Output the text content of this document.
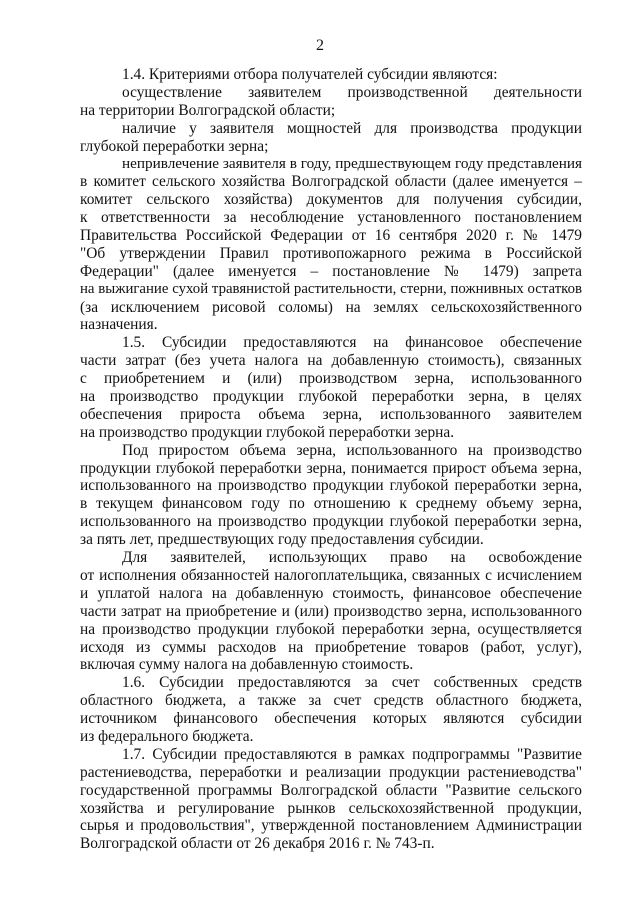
2
1.4. Критериями отбора получателей субсидии являются:
осуществление заявителем производственной деятельности
на территории Волгоградской области;
наличие у заявителя мощностей для производства продукции
глубокой переработки зерна;
непривлечение заявителя в году, предшествующем году представления
в комитет сельского хозяйства Волгоградской области (далее именуется –
комитет сельского хозяйства) документов для получения субсидии,
к ответственности за несоблюдение установленного постановлением
Правительства Российской Федерации от 16 сентября 2020 г. № 1479
"Об утверждении Правил противопожарного режима в Российской
Федерации" (далее именуется – постановление № 1479) запрета
на выжигание сухой травянистой растительности, стерни, пожнивных остатков
(за исключением рисовой соломы) на землях сельскохозяйственного
назначения.
1.5. Субсидии предоставляются на финансовое обеспечение
части затрат (без учета налога на добавленную стоимость), связанных
с приобретением и (или) производством зерна, использованного
на производство продукции глубокой переработки зерна, в целях
обеспечения прироста объема зерна, использованного заявителем
на производство продукции глубокой переработки зерна.
Под приростом объема зерна, использованного на производство
продукции глубокой переработки зерна, понимается прирост объема зерна,
использованного на производство продукции глубокой переработки зерна,
в текущем финансовом году по отношению к среднему объему зерна,
использованного на производство продукции глубокой переработки зерна,
за пять лет, предшествующих году предоставления субсидии.
Для заявителей, использующих право на освобождение
от исполнения обязанностей налогоплательщика, связанных с исчислением
и уплатой налога на добавленную стоимость, финансовое обеспечение
части затрат на приобретение и (или) производство зерна, использованного
на производство продукции глубокой переработки зерна, осуществляется
исходя из суммы расходов на приобретение товаров (работ, услуг),
включая сумму налога на добавленную стоимость.
1.6. Субсидии предоставляются за счет собственных средств
областного бюджета, а также за счет средств областного бюджета,
источником финансового обеспечения которых являются субсидии
из федерального бюджета.
1.7. Субсидии предоставляются в рамках подпрограммы "Развитие
растениеводства, переработки и реализации продукции растениеводства"
государственной программы Волгоградской области "Развитие сельского
хозяйства и регулирование рынков сельскохозяйственной продукции,
сырья и продовольствия", утвержденной постановлением Администрации
Волгоградской области от 26 декабря 2016 г. № 743-п.
